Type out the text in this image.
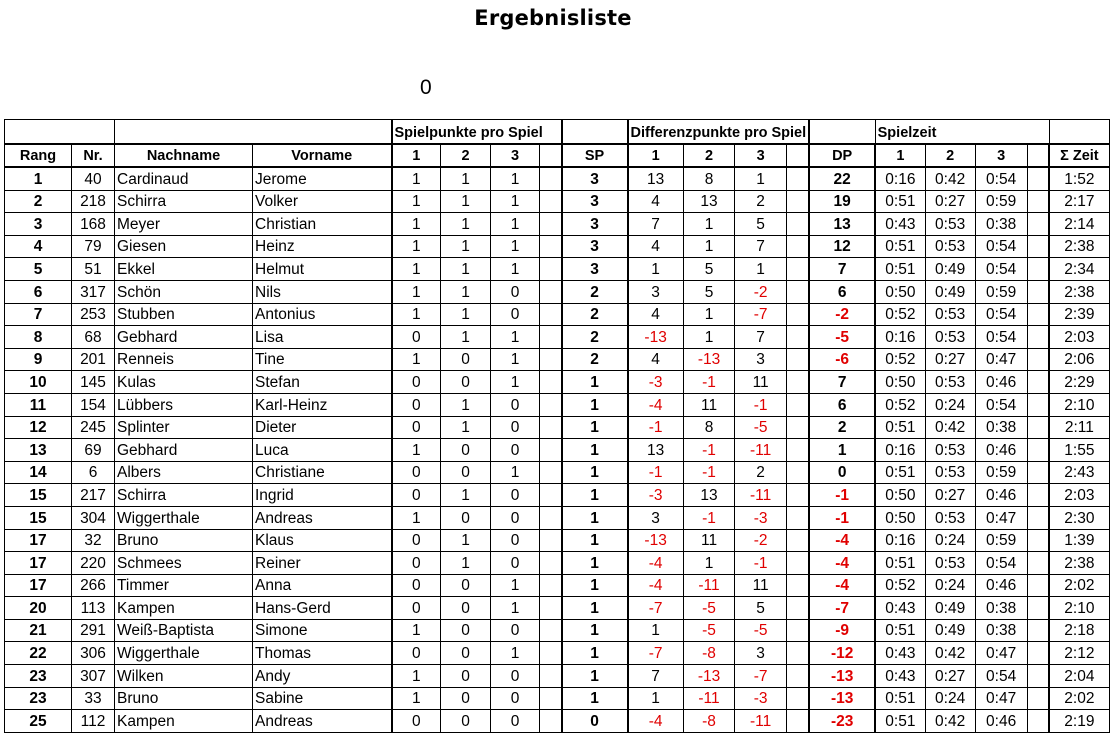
Ergebnisliste
0
				Spielpunkte pro Spiel					Differenzpunkte pro Spiel					Spielzeit				
Rang	Nr.	Nachname	Vorname	1	2	3		SP	1	2	3		DP	1	2	3		Σ Zeit
1	40	Cardinaud	Jerome	1	1	1		3	13	8	1		22	0:16	0:42	0:54		1:52
2	218	Schirra	Volker	1	1	1		3	4	13	2		19	0:51	0:27	0:59		2:17
3	168	Meyer	Christian	1	1	1		3	7	1	5		13	0:43	0:53	0:38		2:14
4	79	Giesen	Heinz	1	1	1		3	4	1	7		12	0:51	0:53	0:54		2:38
5	51	Ekkel	Helmut	1	1	1		3	1	5	1		7	0:51	0:49	0:54		2:34
6	317	Schön	Nils	1	1	0		2	3	5	-2		6	0:50	0:49	0:59		2:38
7	253	Stubben	Antonius	1	1	0		2	4	1	-7		-2	0:52	0:53	0:54		2:39
8	68	Gebhard	Lisa	0	1	1		2	-13	1	7		-5	0:16	0:53	0:54		2:03
9	201	Renneis	Tine	1	0	1		2	4	-13	3		-6	0:52	0:27	0:47		2:06
10	145	Kulas	Stefan	0	0	1		1	-3	-1	11		7	0:50	0:53	0:46		2:29
11	154	Lübbers	Karl-Heinz	0	1	0		1	-4	11	-1		6	0:52	0:24	0:54		2:10
12	245	Splinter	Dieter	0	1	0		1	-1	8	-5		2	0:51	0:42	0:38		2:11
13	69	Gebhard	Luca	1	0	0		1	13	-1	-11		1	0:16	0:53	0:46		1:55
14	6	Albers	Christiane	0	0	1		1	-1	-1	2		0	0:51	0:53	0:59		2:43
15	217	Schirra	Ingrid	0	1	0		1	-3	13	-11		-1	0:50	0:27	0:46		2:03
15	304	Wiggerthale	Andreas	1	0	0		1	3	-1	-3		-1	0:50	0:53	0:47		2:30
17	32	Bruno	Klaus	0	1	0		1	-13	11	-2		-4	0:16	0:24	0:59		1:39
17	220	Schmees	Reiner	0	1	0		1	-4	1	-1		-4	0:51	0:53	0:54		2:38
17	266	Timmer	Anna	0	0	1		1	-4	-11	11		-4	0:52	0:24	0:46		2:02
20	113	Kampen	Hans-Gerd	0	0	1		1	-7	-5	5		-7	0:43	0:49	0:38		2:10
21	291	Weiß-Baptista	Simone	1	0	0		1	1	-5	-5		-9	0:51	0:49	0:38		2:18
22	306	Wiggerthale	Thomas	0	0	1		1	-7	-8	3		-12	0:43	0:42	0:47		2:12
23	307	Wilken	Andy	1	0	0		1	7	-13	-7		-13	0:43	0:27	0:54		2:04
23	33	Bruno	Sabine	1	0	0		1	1	-11	-3		-13	0:51	0:24	0:47		2:02
25	112	Kampen	Andreas	0	0	0		0	-4	-8	-11		-23	0:51	0:42	0:46		2:19
